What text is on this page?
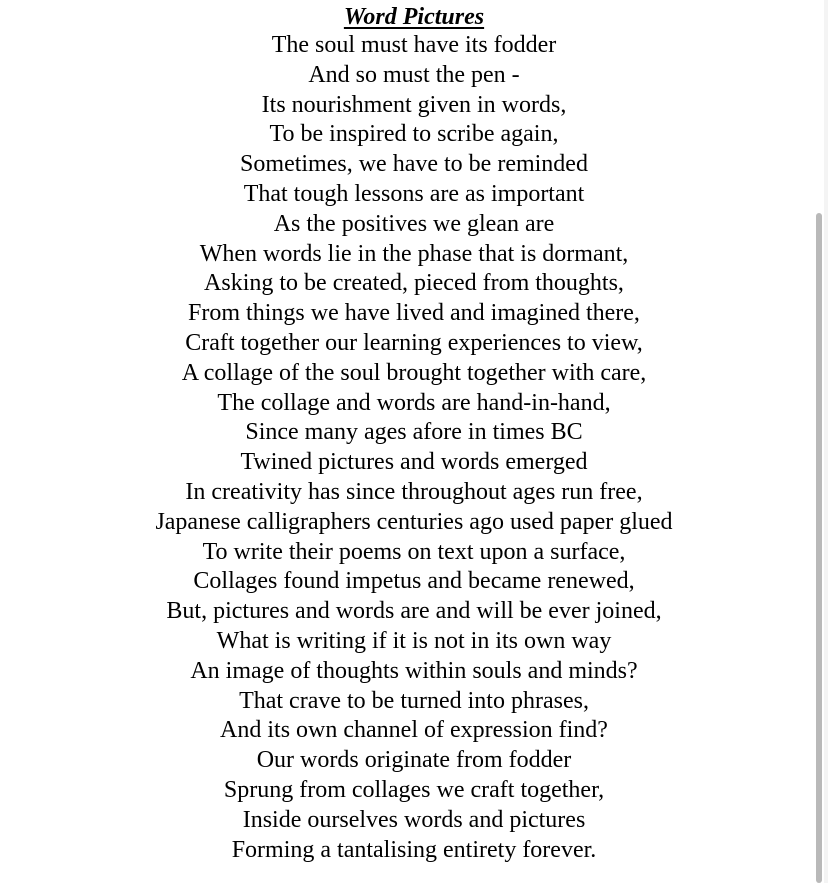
Word Pictures
The soul must have its fodder
And so must the pen -
Its nourishment given in words,
To be inspired to scribe again,
Sometimes, we have to be reminded
That tough lessons are as important
As the positives we glean are
When words lie in the phase that is dormant,
Asking to be created, pieced from thoughts,
From things we have lived and imagined there,
Craft together our learning experiences to view,
A collage of the soul brought together with care,
The collage and words are hand-in-hand,
Since many ages afore in times BC
Twined pictures and words emerged
In creativity has since throughout ages run free,
Japanese calligraphers centuries ago used paper glued
To write their poems on text upon a surface,
Collages found impetus and became renewed,
But, pictures and words are and will be ever joined,
What is writing if it is not in its own way
An image of thoughts within souls and minds?
That crave to be turned into phrases,
And its own channel of expression find?
Our words originate from fodder
Sprung from collages we craft together,
Inside ourselves words and pictures
Forming a tantalising entirety forever.
